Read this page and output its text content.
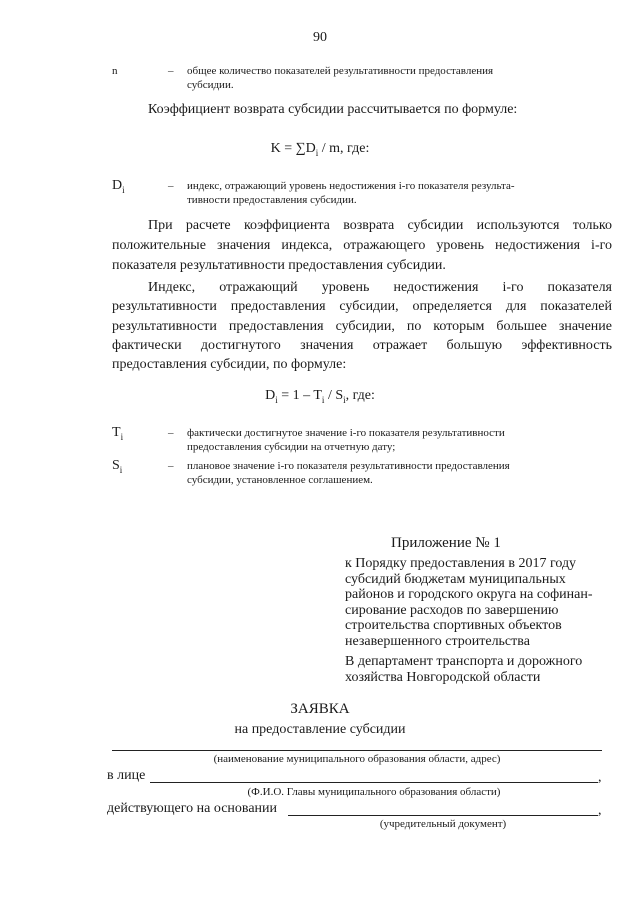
90
n	– общее количество показателей результативности предоставления
субсидии.
Коэффициент возврата субсидии рассчитывается по формуле:
$K = \sum D_i / m$, где:
$D_i$	– индекс, отражающий уровень недостижения i-го показателя результа-
тивности предоставления субсидии.
При расчете коэффициента возврата субсидии используются только
положительные значения индекса, отражающего уровень недостижения i-го
показателя результативности предоставления субсидии.
Индекс, отражающий уровень недостижения i-го показателя
результативности предоставления субсидии, определяется для показателей
результативности предоставления субсидии, по которым большее значение
фактически достигнутого значения отражает большую эффективность
предоставления субсидии, по формуле:
$D_i = 1 - T_i / S_i$, где:
$T_i$	– фактически достигнутое значение i-го показателя результативности
предоставления субсидии на отчетную дату;
$S_i$	– плановое значение i-го показателя результативности предоставления
субсидии, установленное соглашением.
Приложение № 1
к Порядку предоставления в 2017 году
субсидий бюджетам муниципальных
районов и городского округа на софинан-
сирование расходов по завершению
строительства спортивных объектов
незавершенного строительства
В департамент транспорта и дорожного
хозяйства Новгородской области
ЗАЯВКА
на предоставление субсидии
(наименование муниципального образования области, адрес)
в лице	,
(Ф.И.О. Главы муниципального образования области)
действующего на основании	,
(учредительный документ)
